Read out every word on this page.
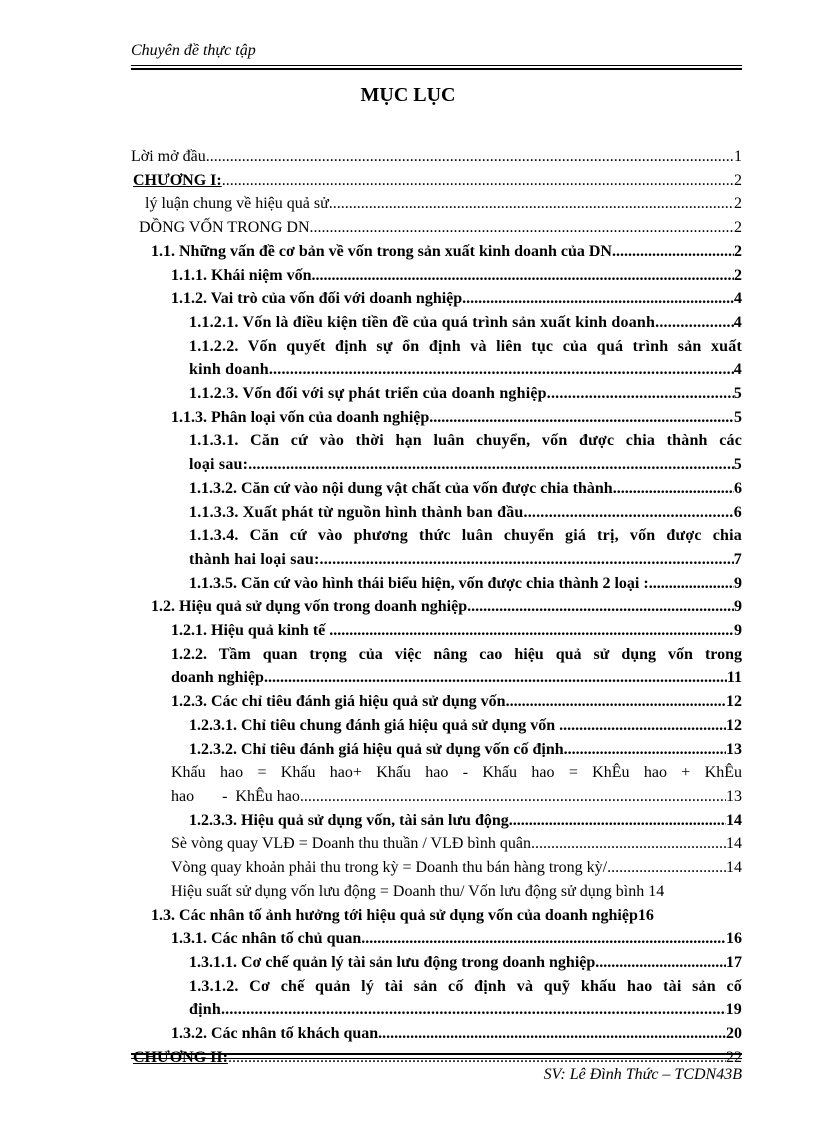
Chuyên đề thực tập
MỤC LỤC
Lời mở đầu .....	1
CHƯƠNG I: .....	2
lý luận chung về hiệu quả sử .....	2
DỒNG VỐN TRONG DN .....	2
1.1. Những vấn đề cơ bản về vốn trong sản xuất kinh doanh của DN .....	2
1.1.1. Khái niệm vốn .....	2
1.1.2. Vai trò của vốn đối với doanh nghiệp .....	4
1.1.2.1. Vốn là điều kiện tiền đề của quá trình sản xuất kinh doanh .....	4
1.1.2.2. Vốn quyết định sự ổn định và liên tục của quá trình sản xuất
kinh doanh .....	4
1.1.2.3. Vốn đối với sự phát triển của doanh nghiệp .....	5
1.1.3. Phân loại vốn của doanh nghiệp .....	5
1.1.3.1. Căn cứ vào thời hạn luân chuyển, vốn được chia thành các
loại sau: .....	5
1.1.3.2. Căn cứ vào nội dung vật chất của vốn được chia thành .....	6
1.1.3.3. Xuất phát từ nguồn hình thành ban đầu .....	6
1.1.3.4. Căn cứ vào phương thức luân chuyển giá trị, vốn được chia
thành hai loại sau: .....	7
1.1.3.5. Căn cứ vào hình thái biểu hiện, vốn được chia thành 2 loại : .....	9
1.2. Hiệu quả sử dụng vốn trong doanh nghiệp .....	9
1.2.1. Hiệu quả kinh tế .....	9
1.2.2. Tầm quan trọng của việc nâng cao hiệu quả sử dụng vốn trong
doanh nghiệp .....	11
1.2.3. Các chỉ tiêu đánh giá hiệu quả sử dụng vốn .....	12
1.2.3.1. Chỉ tiêu chung đánh giá hiệu quả sử dụng vốn .....	12
1.2.3.2. Chỉ tiêu đánh giá hiệu quả sử dụng vốn cố định .....	13
Khấu hao = Khấu hao+ Khấu hao - Khấu hao = KhÊu hao + KhÊu
hao       -  KhÊu hao .....	13
1.2.3.3. Hiệu quả sử dụng vốn, tài sản lưu động .....	14
Sè vòng quay VLĐ = Doanh thu thuần / VLĐ bình quân .....	14
Vòng quay khoản phải thu trong kỳ = Doanh thu bán hàng trong kỳ/ .....	14
Hiệu suất sử dụng vốn lưu động = Doanh thu/ Vốn lưu động sử dụng bình 14
1.3. Các nhân tố ảnh hưởng tới hiệu quả sử dụng vốn của doanh nghiệp 16
1.3.1. Các nhân tố chủ quan .....	16
1.3.1.1. Cơ chế quản lý tài sản lưu động trong doanh nghiệp .....	17
1.3.1.2. Cơ chế quản lý tài sản cố định và quỹ khấu hao tài sản cố
định .....	19
1.3.2. Các nhân tố khách quan .....	20
CHƯƠNG II: .....	22
SV: Lê Đình Thức – TCDN43B
